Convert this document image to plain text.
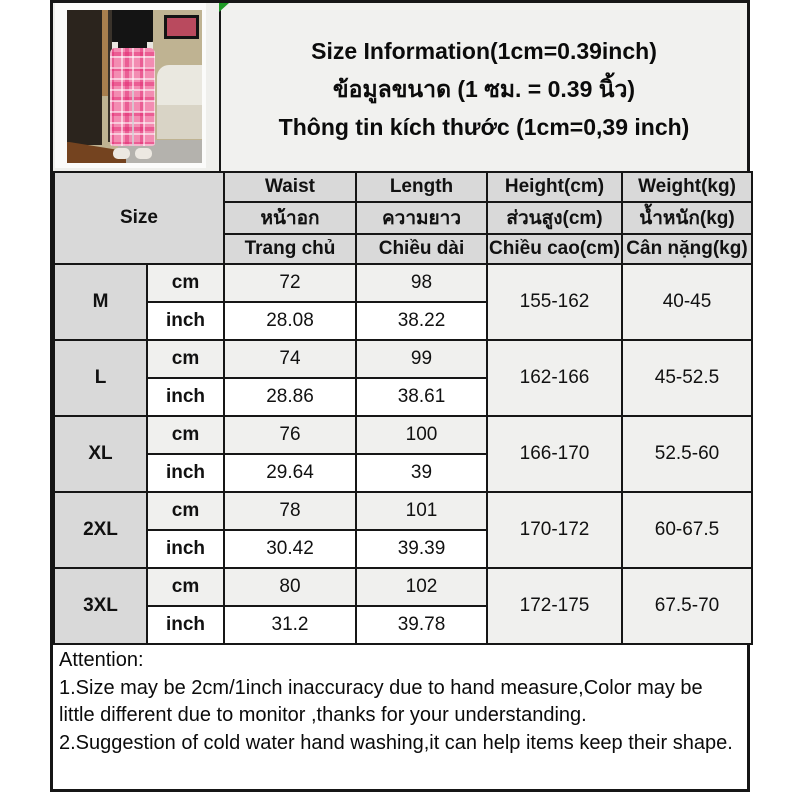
Size Information(1cm=0.39inch)
ข้อมูลขนาด (1 ซม. = 0.39 นิ้ว)
Thông tin kích thước (1cm=0,39 inch)
Size		Waist	Length	Height(cm)	Weight(kg)
		หน้าอก	ความยาว	ส่วนสูง(cm)	น้ำหนัก(kg)
		Trang chủ	Chiều dài	Chiều cao(cm)	Cân nặng(kg)
M	cm	72	98	155-162	40-45
	inch	28.08	38.22		
L	cm	74	99	162-166	45-52.5
	inch	28.86	38.61		
XL	cm	76	100	166-170	52.5-60
	inch	29.64	39		
2XL	cm	78	101	170-172	60-67.5
	inch	30.42	39.39		
3XL	cm	80	102	172-175	67.5-70
	inch	31.2	39.78		

Attention:

1.Size may be 2cm/1inch inaccuracy due to hand measure,Color may be little different due to monitor ,thanks for your understanding.

2.Suggestion of cold water hand washing,it can help items keep their shape.
